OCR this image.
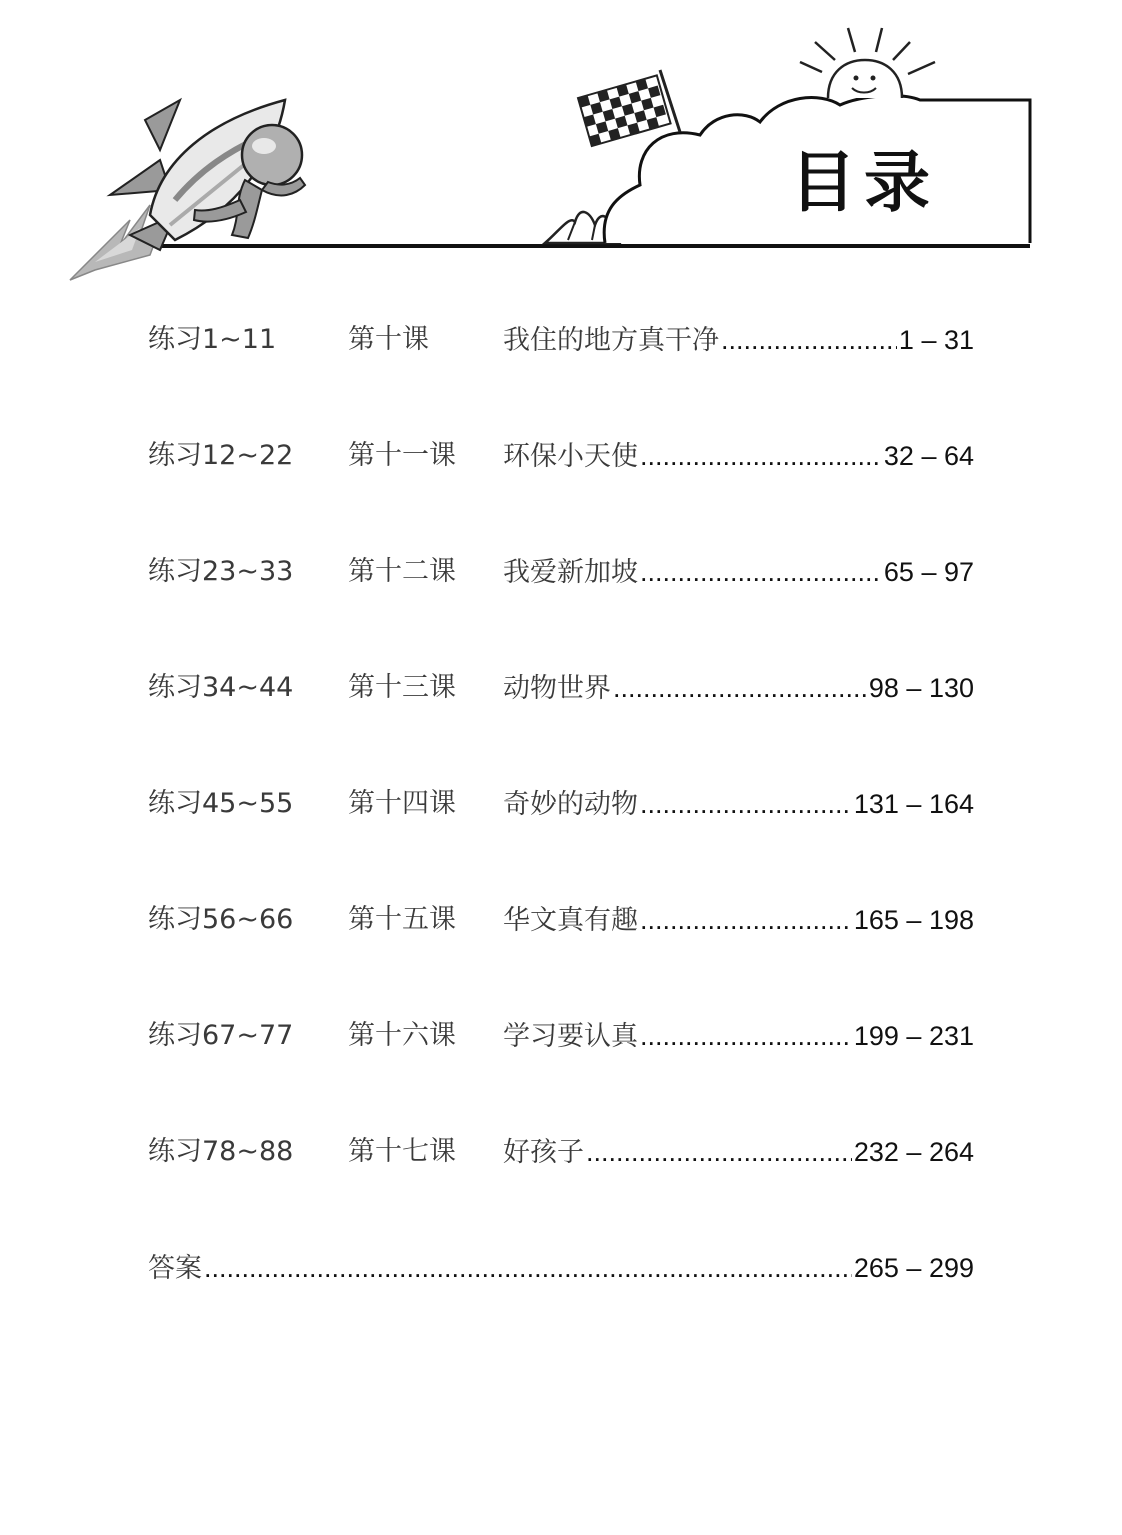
目录
练习1~11	第十课	我住的地方真干净 .....	1 – 31
练习12~22 第十一课 环保小天使 .....	32 – 64
练习23~33 第十二课 我爱新加坡 .....	65 – 97
练习34~44 第十三课 动物世界 .....	98 – 130
练习45~55 第十四课 奇妙的动物 .....	131 – 164
练习56~66 第十五课 华文真有趣 .....	165 – 198
练习67~77 第十六课 学习要认真 .....	199 – 231
练习78~88 第十七课 好孩子 .....	232 – 264
答案 .....	265 – 299
